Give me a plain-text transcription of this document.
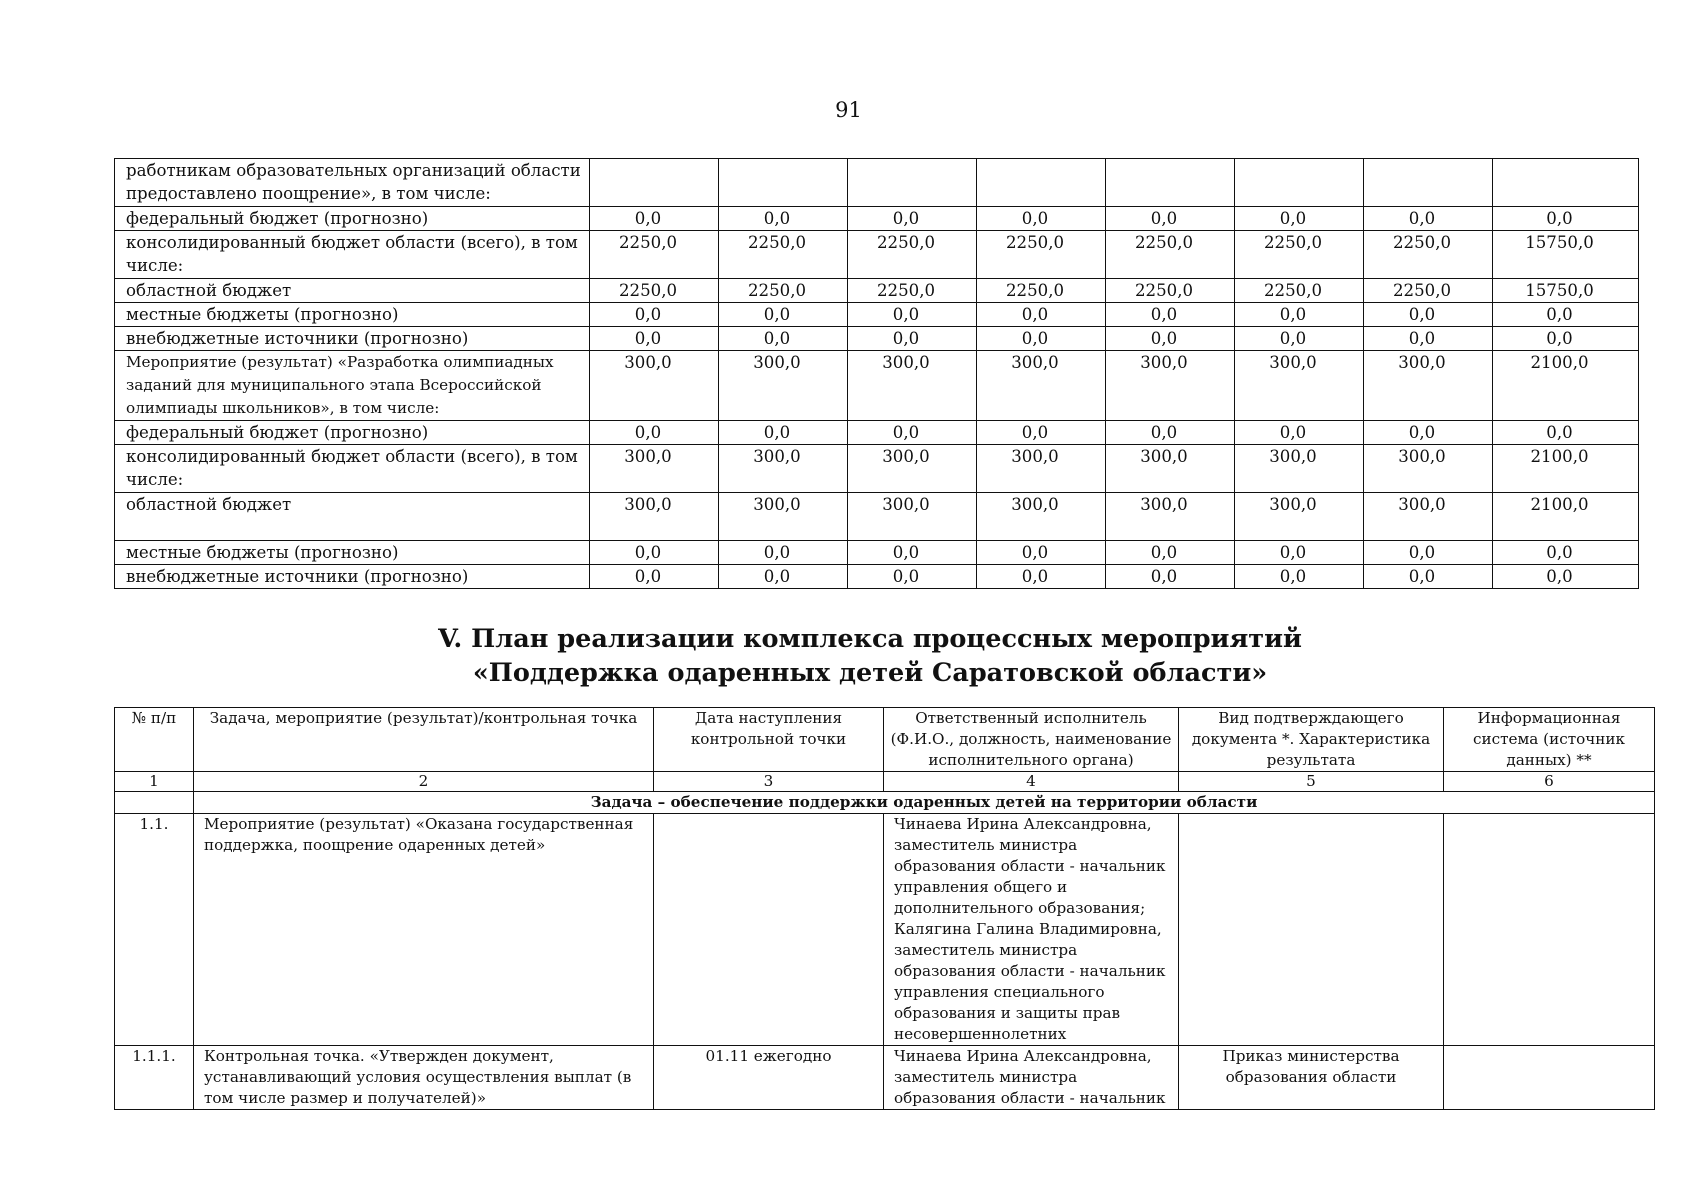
91
работникам образовательных организаций области предоставлено поощрение», в том числе:								
федеральный бюджет (прогнозно)	0,0	0,0	0,0	0,0	0,0	0,0	0,0	0,0
консолидированный бюджет области (всего), в том числе:	2250,0	2250,0	2250,0	2250,0	2250,0	2250,0	2250,0	15750,0
областной бюджет	2250,0	2250,0	2250,0	2250,0	2250,0	2250,0	2250,0	15750,0
местные бюджеты (прогнозно)	0,0	0,0	0,0	0,0	0,0	0,0	0,0	0,0
внебюджетные источники (прогнозно)	0,0	0,0	0,0	0,0	0,0	0,0	0,0	0,0
Мероприятие (результат) «Разработка олимпиадных заданий для муниципального этапа Всероссийской олимпиады школьников», в том числе:	300,0	300,0	300,0	300,0	300,0	300,0	300,0	2100,0
федеральный бюджет (прогнозно)	0,0	0,0	0,0	0,0	0,0	0,0	0,0	0,0
консолидированный бюджет области (всего), в том числе:	300,0	300,0	300,0	300,0	300,0	300,0	300,0	2100,0
областной бюджет	300,0	300,0	300,0	300,0	300,0	300,0	300,0	2100,0
местные бюджеты (прогнозно)	0,0	0,0	0,0	0,0	0,0	0,0	0,0	0,0
внебюджетные источники (прогнозно)	0,0	0,0	0,0	0,0	0,0	0,0	0,0	0,0
V. План реализации комплекса процессных мероприятий
«Поддержка одаренных детей Саратовской области»
№ п/п	Задача, мероприятие (результат)/контрольная точка	Дата наступления контрольной точки	Ответственный исполнитель (Ф.И.О., должность, наименование исполнительного органа)	Вид подтверждающего документа *. Характеристика результата	Информационная система (источник данных) **
1	2	3	4	5	6
	Задача – обеспечение поддержки одаренных детей на территории области				
1.1.	Мероприятие (результат) «Оказана государственная поддержка, поощрение одаренных детей»		Чинаева Ирина Александровна, заместитель министра образования области - начальник управления общего и дополнительного образования; Калягина Галина Владимировна, заместитель министра образования области - начальник управления специального образования и защиты прав несовершеннолетних		
1.1.1.	Контрольная точка. «Утвержден документ, устанавливающий условия осуществления выплат (в том числе размер и получателей)»	01.11 ежегодно	Чинаева Ирина Александровна, заместитель министра образования области - начальник	Приказ министерства образования области	
